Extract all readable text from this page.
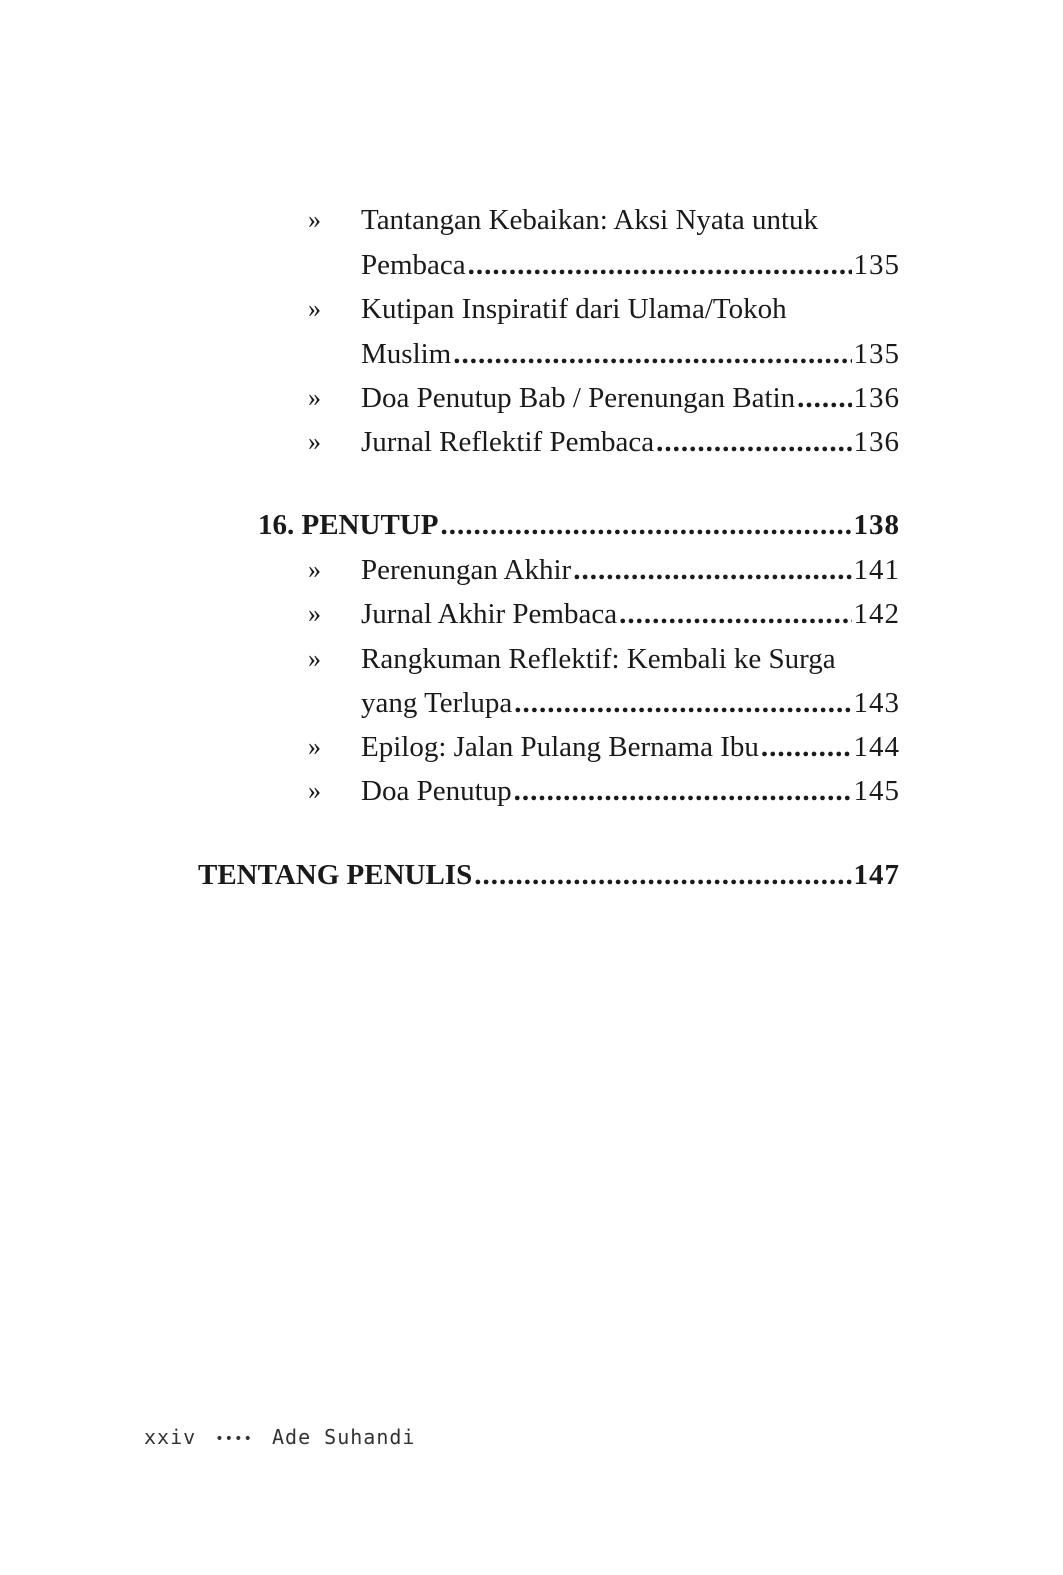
» Tantangan Kebaikan: Aksi Nyata untuk
Pembaca .....	135
» Kutipan Inspiratif dari Ulama/Tokoh
Muslim .....	135
» Doa Penutup Bab / Perenungan Batin ..... 136
» Jurnal Reflektif Pembaca .....	136
16. PENUTUP .....	138
» Perenungan Akhir .....	141
» Jurnal Akhir Pembaca .....	142
» Rangkuman Reflektif: Kembali ke Surga
yang Terlupa .....	143
» Epilog: Jalan Pulang Bernama Ibu .....	144
» Doa Penutup .....	145
TENTANG PENULIS .....	147
xxiv •••• Ade Suhandi
